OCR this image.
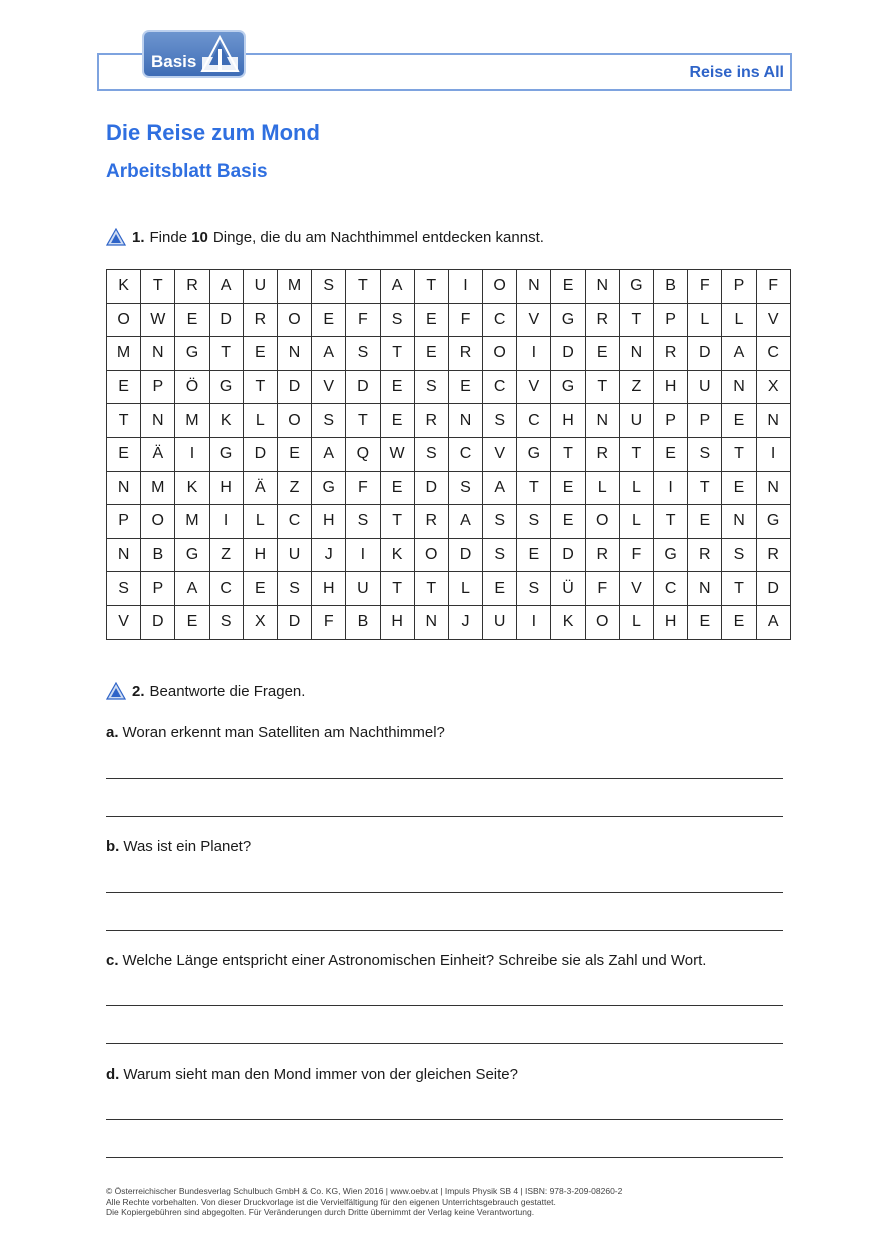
Basis
Reise ins All
Die Reise zum Mond
Arbeitsblatt Basis
1. Finde
10 Dinge, die du am Nachthimmel entdecken kannst.
K	T	R	A	U	M	S	T	A	T	I	O	N	E	N	G	B	F	P	F
O	W	E	D	R	O	E	F	S	E	F	C	V	G	R	T	P	L	L	V
M	N	G	T	E	N	A	S	T	E	R	O	I	D	E	N	R	D	A	C
E	P	Ö	G	T	D	V	D	E	S	E	C	V	G	T	Z	H	U	N	X
T	N	M	K	L	O	S	T	E	R	N	S	C	H	N	U	P	P	E	N
E	Ä	I	G	D	E	A	Q	W	S	C	V	G	T	R	T	E	S	T	I
N	M	K	H	Ä	Z	G	F	E	D	S	A	T	E	L	L	I	T	E	N
P	O	M	I	L	C	H	S	T	R	A	S	S	E	O	L	T	E	N	G
N	B	G	Z	H	U	J	I	K	O	D	S	E	D	R	F	G	R	S	R
S	P	A	C	E	S	H	U	T	T	L	E	S	Ü	F	V	C	N	T	D
V	D	E	S	X	D	F	B	H	N	J	U	I	K	O	L	H	E	E	A
2. Beantworte die Fragen.
a. Woran erkennt man Satelliten am Nachthimmel?
b. Was ist ein Planet?
c. Welche Länge entspricht einer Astronomischen Einheit? Schreibe sie als Zahl und Wort.
d. Warum sieht man den Mond immer von der gleichen Seite?
© Österreichischer Bundesverlag Schulbuch GmbH & Co. KG, Wien 2016 | www.oebv.at | Impuls Physik SB 4 | ISBN: 978-3-209-08260-2
Alle Rechte vorbehalten. Von dieser Druckvorlage ist die Vervielfältigung für den eigenen Unterrichtsgebrauch gestattet.
Die Kopiergebühren sind abgegolten. Für Veränderungen durch Dritte übernimmt der Verlag keine Verantwortung.
